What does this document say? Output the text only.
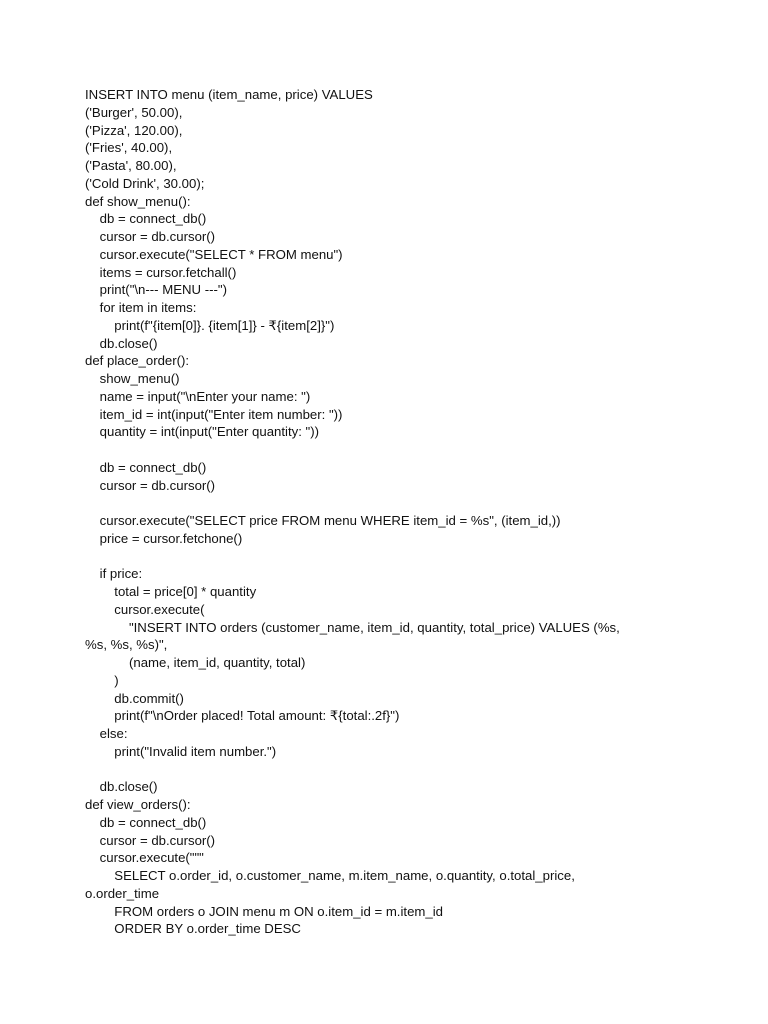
INSERT INTO menu (item_name, price) VALUES
('Burger', 50.00),
('Pizza', 120.00),
('Fries', 40.00),
('Pasta', 80.00),
('Cold Drink', 30.00);
def show_menu():
db = connect_db()
cursor = db.cursor()
cursor.execute("SELECT * FROM menu")
items = cursor.fetchall()
print("\n--- MENU ---")
for item in items:
print(f"{item[0]}. {item[1]} - ₹{item[2]}")
db.close()
def place_order():
show_menu()
name = input("\nEnter your name: ")
item_id = int(input("Enter item number: "))
quantity = int(input("Enter quantity: "))
db = connect_db()
cursor = db.cursor()
cursor.execute("SELECT price FROM menu WHERE item_id = %s", (item_id,))
price = cursor.fetchone()
if price:
total = price[0] * quantity
cursor.execute(
"INSERT INTO orders (customer_name, item_id, quantity, total_price) VALUES (%s,
%s, %s, %s)",
(name, item_id, quantity, total)
)
db.commit()
print(f"\nOrder placed! Total amount: ₹{total:.2f}")
else:
print("Invalid item number.")
db.close()
def view_orders():
db = connect_db()
cursor = db.cursor()
cursor.execute("""
SELECT o.order_id, o.customer_name, m.item_name, o.quantity, o.total_price,
o.order_time
FROM orders o JOIN menu m ON o.item_id = m.item_id
ORDER BY o.order_time DESC
